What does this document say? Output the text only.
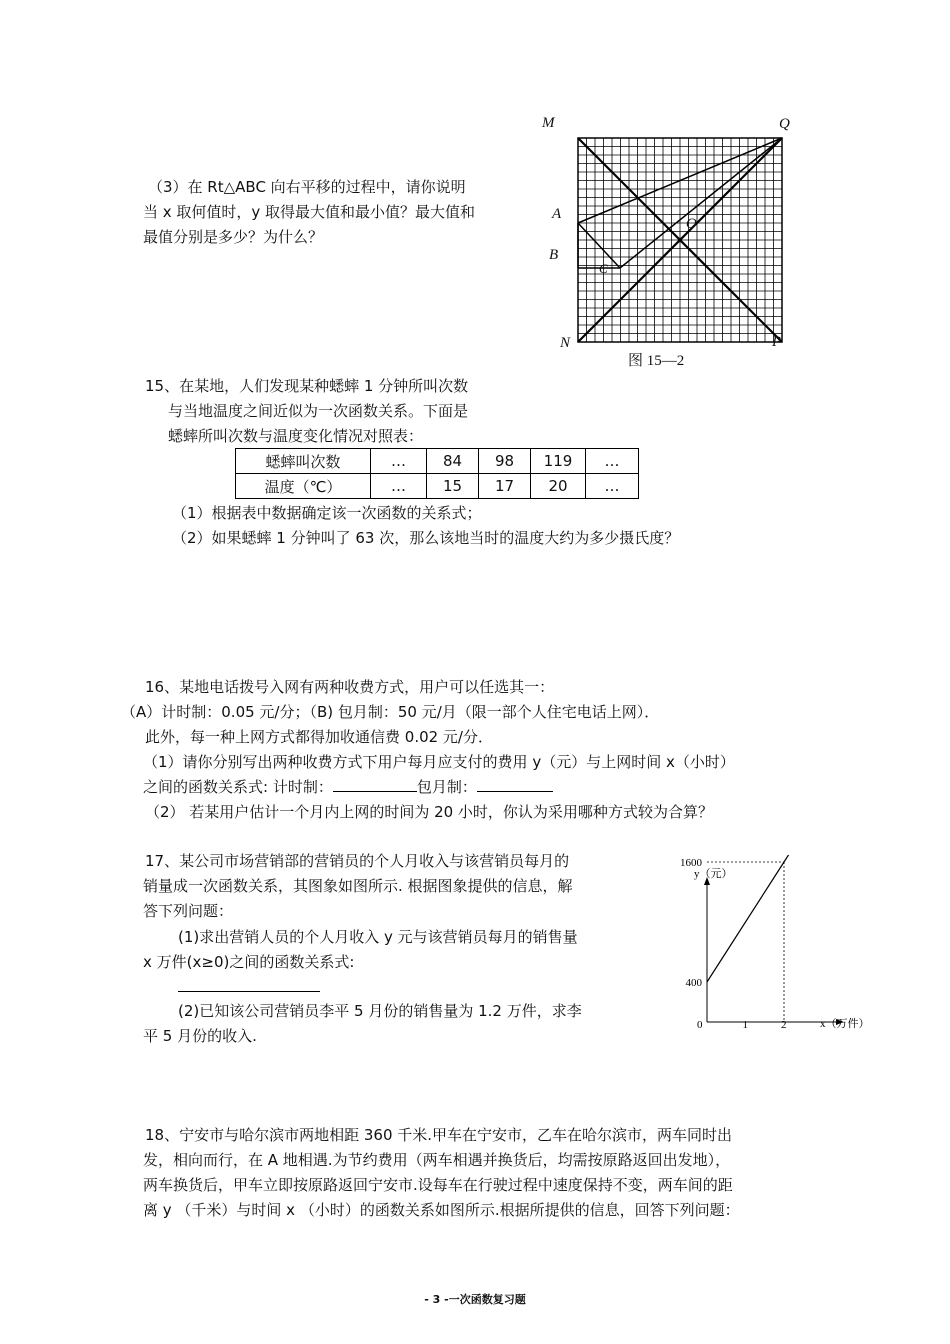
（3）在 Rt△ABC 向右平移的过程中，请你说明
当 x 取何值时，y 取得最大值和最小值？最大值和
最值分别是多少？为什么？
M	Q
A
B
C
O
N	P
图 15—2
15、在某地，人们发现某种蟋蟀 1 分钟所叫次数
与当地温度之间近似为一次函数关系。下面是
蟋蟀所叫次数与温度变化情况对照表：
蟋蟀叫次数	…	84	98	119	…
温度（℃）	…	15	17	20	…
（1）根据表中数据确定该一次函数的关系式；
（2）如果蟋蟀 1 分钟叫了 63 次，那么该地当时的温度大约为多少摄氏度？
16、某地电话拨号入网有两种收费方式，用户可以任选其一：
（A）计时制：0.05 元/分；（B) 包月制：50 元/月（限一部个人住宅电话上网）．
此外，每一种上网方式都得加收通信费 0.02 元/分．
（1）请你分别写出两种收费方式下用户每月应支付的费用 y（元）与上网时间 x（小时）
之间的函数关系式: 计时制：	包月制：
（2） 若某用户估计一个月内上网的时间为 20 小时，你认为采用哪种方式较为合算？
17、某公司市场营销部的营销员的个人月收入与该营销员每月的
销量成一次函数关系，其图象如图所示. 根据图象提供的信息，解
答下列问题：
(1)求出营销人员的个人月收入 y 元与该营销员每月的销售量
x 万件(x≥0)之间的函数关系式:
(2)已知该公司营销员李平 5 月份的销售量为 1.2 万件，求李
平 5 月份的收入.
y（元）
x（万件）
0	1	2
400
1600
18、宁安市与哈尔滨市两地相距 360 千米.甲车在宁安市，乙车在哈尔滨市，两车同时出
发，相向而行，在 A 地相遇.为节约费用（两车相遇并换货后，均需按原路返回出发地），
两车换货后，甲车立即按原路返回宁安市.设每车在行驶过程中速度保持不变，两车间的距
离 y （千米）与时间 x （小时）的函数关系如图所示.根据所提供的信息，回答下列问题：
- 3 -一次函数复习题
